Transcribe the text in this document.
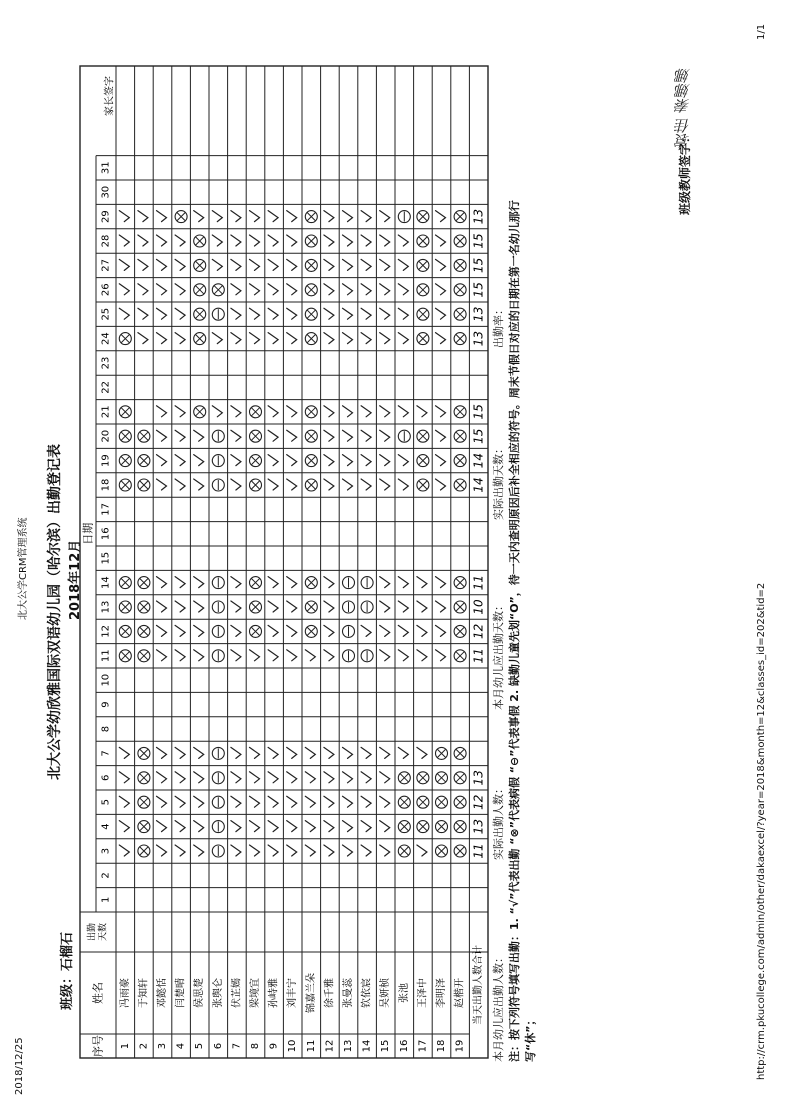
2018/12/25
北大公学CRM管理系统
1/1
http://crm.pkucollege.com/admin/other/dakaexcel/?year=2018&month=12&classes_id=202&tid=2
班级：石榴石
北大公学幼欣雅国际双语幼儿园（哈尔滨）出勤登记表 2018年12月
班级教师签字：
袁佳 秦娜娜
本月幼儿应出勤人数：
实际出勤人数：
本月幼儿应出勤天数：
实际出勤天数：
出勤率： 注：按下列符号填写出勤：1. “√”代表出勤 “⊗”代表病假 “⊖”代表事假 2. 缺勤儿童先划“O”，待一天内查明原因后补全相应的符号。周末节假日对应的日期在第一名幼儿那行 写“休”；
序号
姓名
出勤天数
日期
家长签字
1
2
3
4
5
6
7
8
9
10
11
12
13
14
15
16
17
18
19
20
21
22
23
24
25
26
27
28
29
30
31
1
冯雨豪
2
于知轩
3
邓懿恬
4
闫楚晴
5
侯思楚
6
张舆仑
7
伏芷嫣
8
梁境宜
9
孙峙雅
10
刘丰宁
11
锦嘉兰朵
12
徐千雅
13
张曼蕊
14
钦依宸
15
吴妍桢
16
张池
17
王泽中
18
李明泽
19
赵楷开 当天出勤人数合计
11
13
12
13
11
12
10
11
14
14
15
15
13
13
15
15
15
13
